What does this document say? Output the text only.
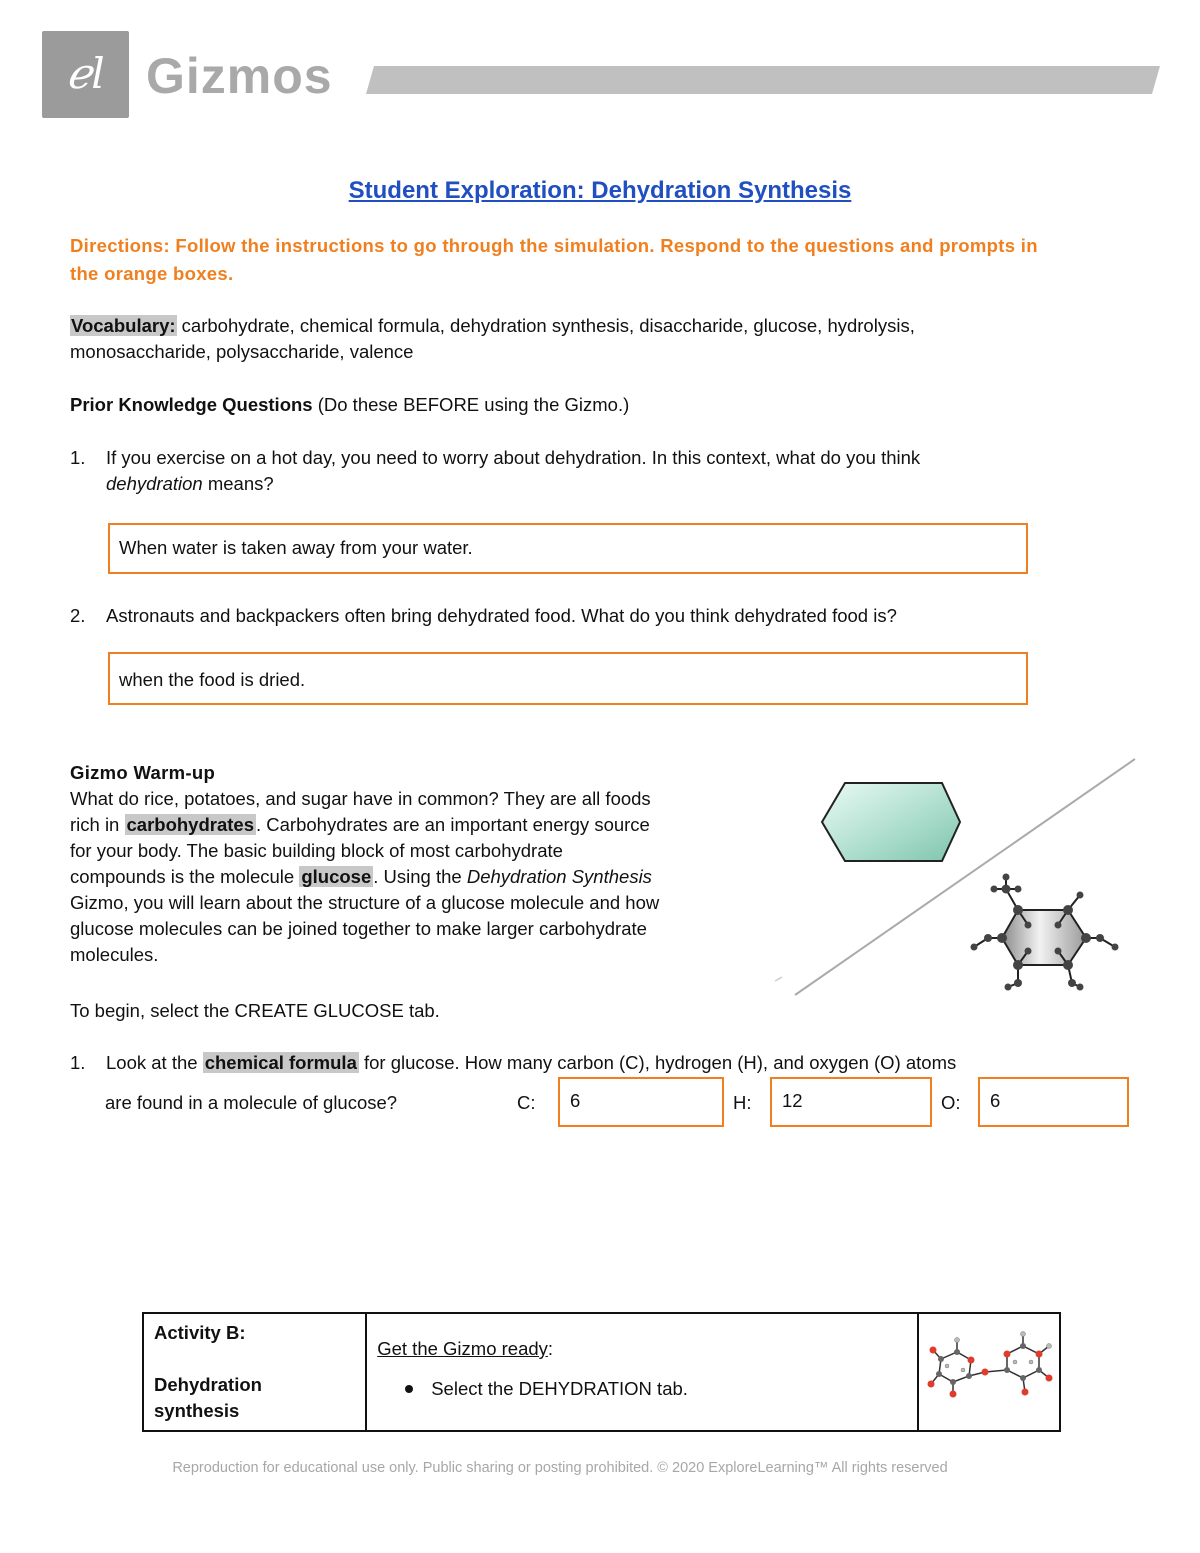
ℯl Gizmos
Student Exploration: Dehydration Synthesis
Directions: Follow the instructions to go through the simulation. Respond to the questions and prompts in the orange boxes.
Vocabulary: carbohydrate, chemical formula, dehydration synthesis, disaccharide, glucose, hydrolysis,
monosaccharide, polysaccharide, valence
Prior Knowledge Questions (Do these BEFORE using the Gizmo.)
1.	If you exercise on a hot day, you need to worry about dehydration. In this context, what do you think
dehydration means?
When water is taken away from your water.
2.	Astronauts and backpackers often bring dehydrated food. What do you think dehydrated food is?
when the food is dried.
Gizmo Warm-up
What do rice, potatoes, and sugar have in common? They are all foods
rich in carbohydrates . Carbohydrates are an important energy source
for your body. The basic building block of most carbohydrate
compounds is the molecule glucose . Using the Dehydration Synthesis
Gizmo, you will learn about the structure of a glucose molecule and how
glucose molecules can be joined together to make larger carbohydrate
molecules.
To begin, select the CREATE GLUCOSE tab.
1.	Look at the chemical formula for glucose. How many carbon (C), hydrogen (H), and oxygen (O) atoms
are found in a molecule of glucose?	C:	6	H:	12	O:	6
Activity B:
Dehydration
synthesis

Get the Gizmo ready:
Select the DEHYDRATION tab.

Reproduction for educational use only. Public sharing or posting prohibited. © 2020 ExploreLearning™ All rights reserved
